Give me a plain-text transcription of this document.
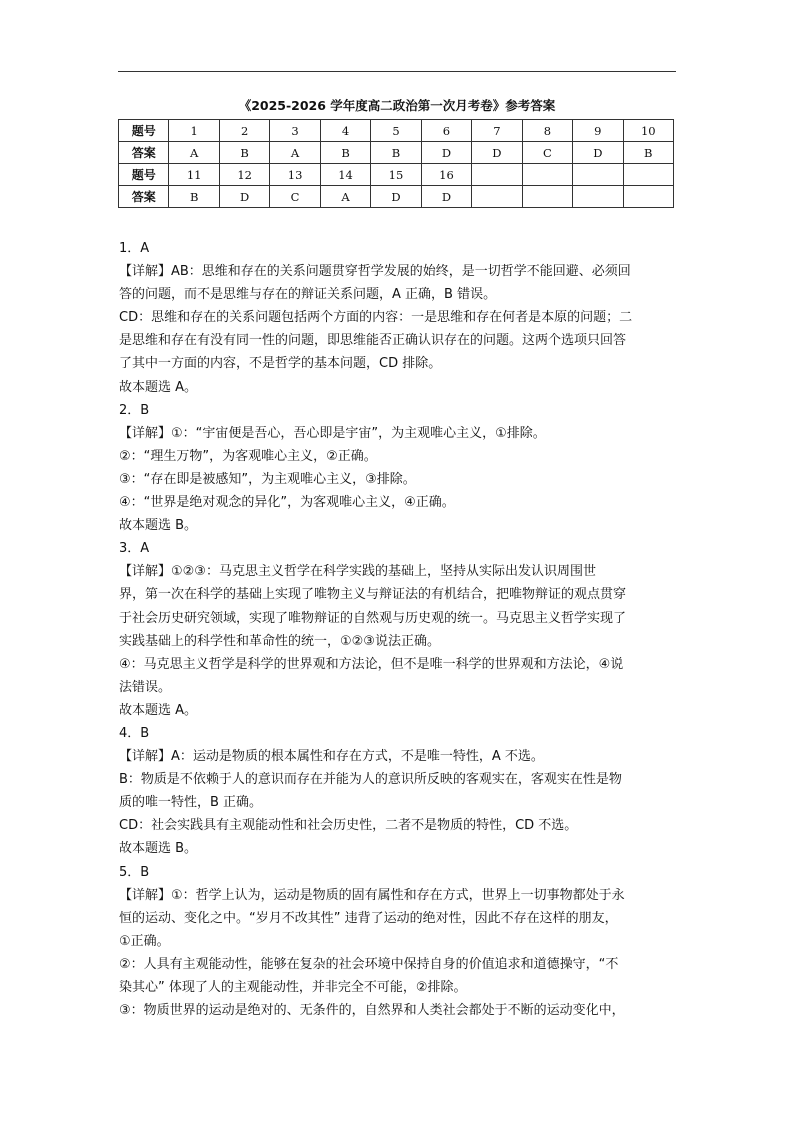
《2025-2026 学年度高二政治第一次月考卷》参考答案
题号	1	2	3	4	5	6	7	8	9	10
答案	A	B	A	B	B	D	D	C	D	B
题号	11	12	13	14	15	16				
答案	B	D	C	A	D	D				
1．A
【详解】AB：思维和存在的关系问题贯穿哲学发展的始终，是一切哲学不能回避、必须回
答的问题，而不是思维与存在的辩证关系问题，A 正确，B 错误。
CD：思维和存在的关系问题包括两个方面的内容：一是思维和存在何者是本原的问题；二
是思维和存在有没有同一性的问题，即思维能否正确认识存在的问题。这两个选项只回答
了其中一方面的内容，不是哲学的基本问题，CD 排除。
故本题选 A。
2．B
【详解】①：“宇宙便是吾心，吾心即是宇宙”，为主观唯心主义，①排除。
②：“理生万物”，为客观唯心主义，②正确。
③：“存在即是被感知”，为主观唯心主义，③排除。
④：“世界是绝对观念的异化”，为客观唯心主义，④正确。
故本题选 B。
3．A
【详解】①②③：马克思主义哲学在科学实践的基础上，坚持从实际出发认识周围世
界，第一次在科学的基础上实现了唯物主义与辩证法的有机结合，把唯物辩证的观点贯穿
于社会历史研究领域，实现了唯物辩证的自然观与历史观的统一。马克思主义哲学实现了
实践基础上的科学性和革命性的统一，①②③说法正确。
④：马克思主义哲学是科学的世界观和方法论，但不是唯一科学的世界观和方法论，④说
法错误。
故本题选 A。
4．B
【详解】A：运动是物质的根本属性和存在方式，不是唯一特性，A 不选。
B：物质是不依赖于人的意识而存在并能为人的意识所反映的客观实在，客观实在性是物
质的唯一特性，B 正确。
CD：社会实践具有主观能动性和社会历史性，二者不是物质的特性，CD 不选。
故本题选 B。
5．B
【详解】①：哲学上认为，运动是物质的固有属性和存在方式，世界上一切事物都处于永
恒的运动、变化之中。“岁月不改其性” 违背了运动的绝对性，因此不存在这样的朋友，
①正确。
②：人具有主观能动性，能够在复杂的社会环境中保持自身的价值追求和道德操守，“不
染其心” 体现了人的主观能动性，并非完全不可能，②排除。
③：物质世界的运动是绝对的、无条件的，自然界和人类社会都处于不断的运动变化中，
